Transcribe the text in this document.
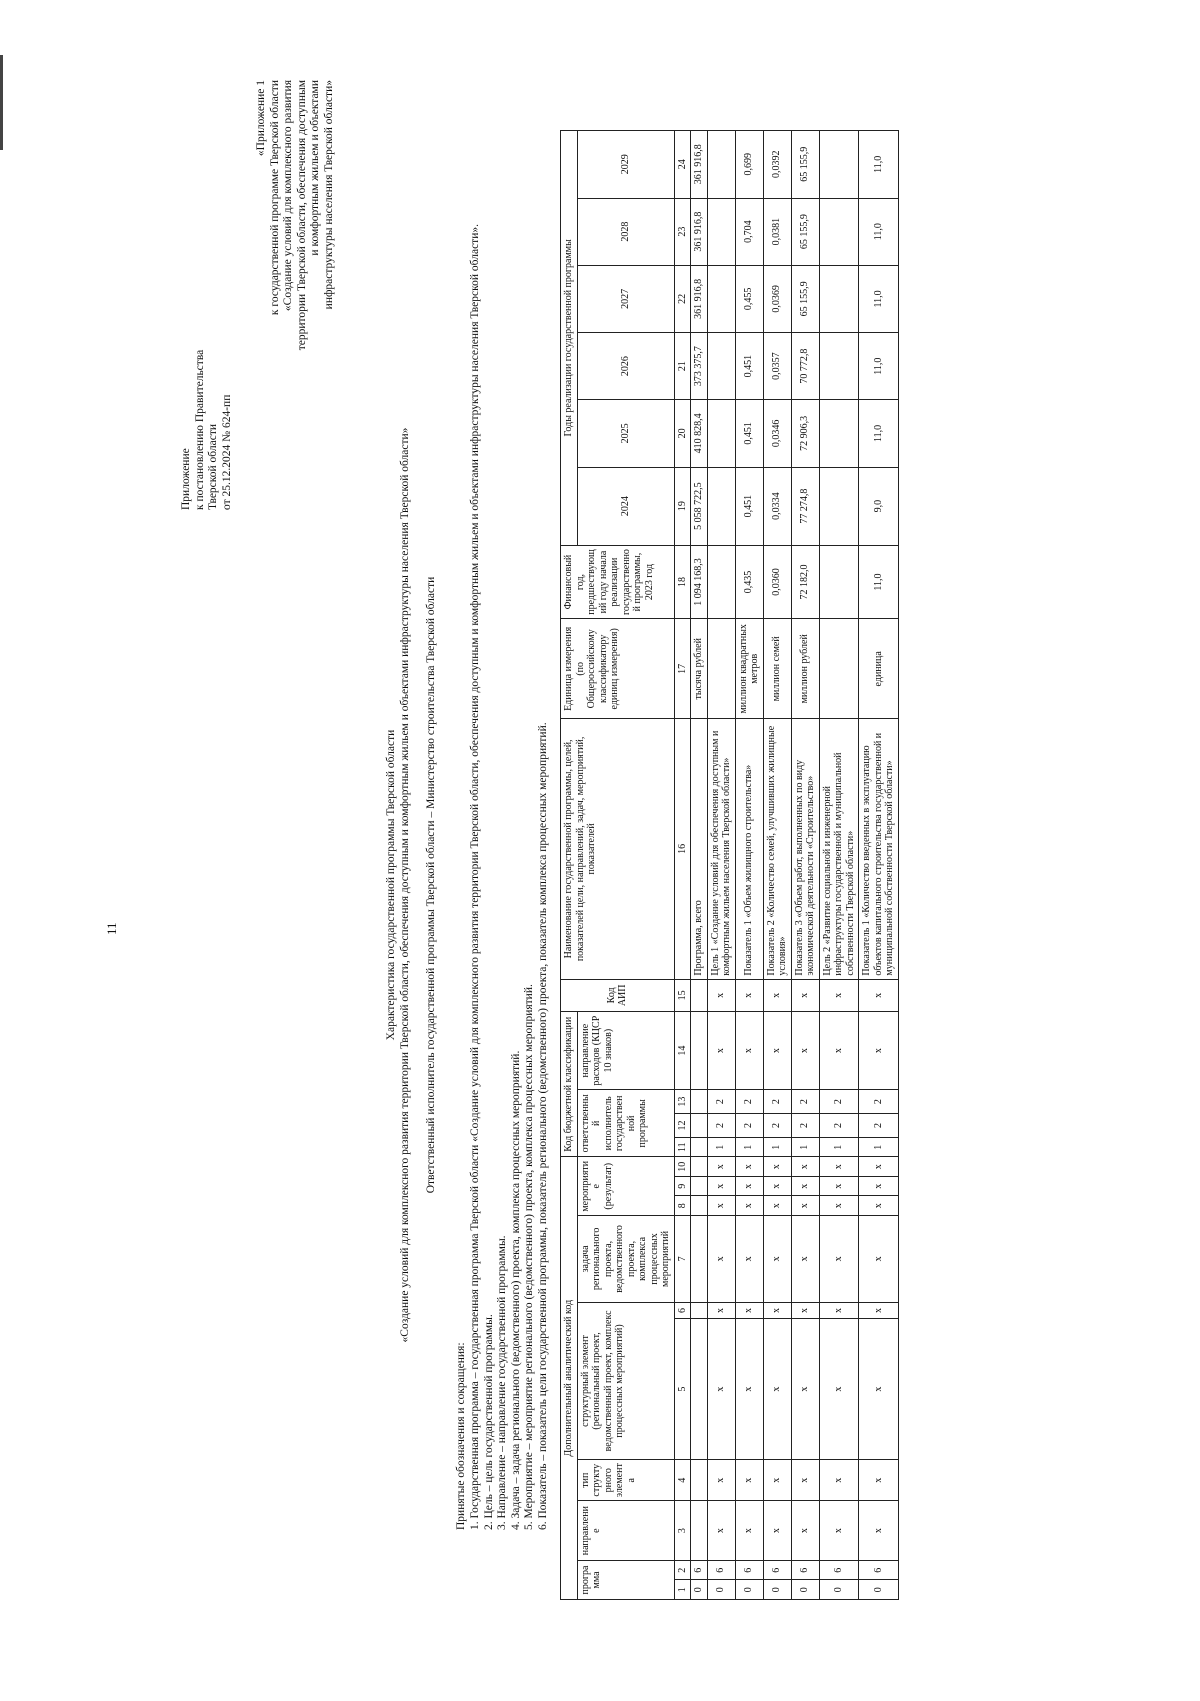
11
Приложение к постановлению Правительства Тверской области от 25.12.2024 № 624-пп
«Приложение 1 к государственной программе Тверской области «Создание условий для комплексного развития территории Тверской области, обеспечения доступным и комфортным жильем и объектами инфраструктуры населения Тверской области»
Характеристика государственной программы Тверской области «Создание условий для комплексного развития территории Тверской области, обеспечения доступным и комфортным жильем и объектами инфраструктуры населения Тверской области» Ответственный исполнитель государственной программы Тверской области – Министерство строительства Тверской области
Принятые обозначения и сокращения: 1. Государственная программа – государственная программа Тверской области «Создание условий для комплексного развития территории Тверской области, обеспечения доступным и комфортным жильем и объектами инфраструктуры населения Тверской области». 2. Цель – цель государственной программы. 3. Направление – направление государственной программы. 4. Задача – задача регионального (ведомственного) проекта, комплекса процессных мероприятий. 5. Мероприятие – мероприятие регионального (ведомственного) проекта, комплекса процессных мероприятий. 6. Показатель – показатель цели государственной программы, показатель регионального (ведомственного) проекта, показатель комплекса процессных мероприятий. Дополнительный аналитический код										Код бюджетной классификации				Код АИП	Наименование государственной программы, целей, показателей цели, направлений, задач, мероприятий, показателей	Единица измерения (по Общероссийскому классификатору единиц измерения)	Финансовый год, предшествующий году начала реализации государственной программы, 2023 год	Годы реализации государственной программы					
программа		направление	тип структурного элемента	структурный элемент (региональный проект, ведомственный проект, комплекс процессных мероприятий)		задача регионального проекта, ведомственного проекта, комплекса процессных мероприятий	мероприятие (результат)			ответственный исполнитель государственной программы			направление расходов (КЦСР 10 знаков)					2024	2025	2026	2027	2028	2029

1	2	3	4	5	6	7	8	9	10	11	12	13	14	15	16	17	18	19	20	21	22	23	24
0	6														Программа, всего	тысяча рублей	1 094 168,3	5 058 722,5	410 828,4	373 375,7	361 916,8	361 916,8	361 916,8
0	6	х	х	х	х	х	х	х	х	1	2	2	х	х	Цель 1 «Создание условий для обеспечения доступным и комфортным жильем населения Тверской области»								
0	6	х	х	х	х	х	х	х	х	1	2	2	х	х	Показатель 1 «Объем жилищного строительства»	миллион квадратных метров	0,435	0,451	0,451	0,451	0,455	0,704	0,699
0	6	х	х	х	х	х	х	х	х	1	2	2	х	х	Показатель 2 «Количество семей, улучшивших жилищные условия»	миллион семей	0,0360	0,0334	0,0346	0,0357	0,0369	0,0381	0,0392
0	6	х	х	х	х	х	х	х	х	1	2	2	х	х	Показатель 3 «Объем работ, выполненных по виду экономической деятельности «Строительство»	миллион рублей	72 182,0	77 274,8	72 906,3	70 772,8	65 155,9	65 155,9	65 155,9
0	6	х	х	х	х	х	х	х	х	1	2	2	х	х	Цель 2 «Развитие социальной и инженерной инфраструктуры государственной и муниципальной собственности Тверской области»								
0	6	х	х	х	х	х	х	х	х	1	2	2	х	х	Показатель 1 «Количество введенных в эксплуатацию объектов капитального строительства государственной и муниципальной собственности Тверской области»	единица	11,0	9,0	11,0	11,0	11,0	11,0	11,0
